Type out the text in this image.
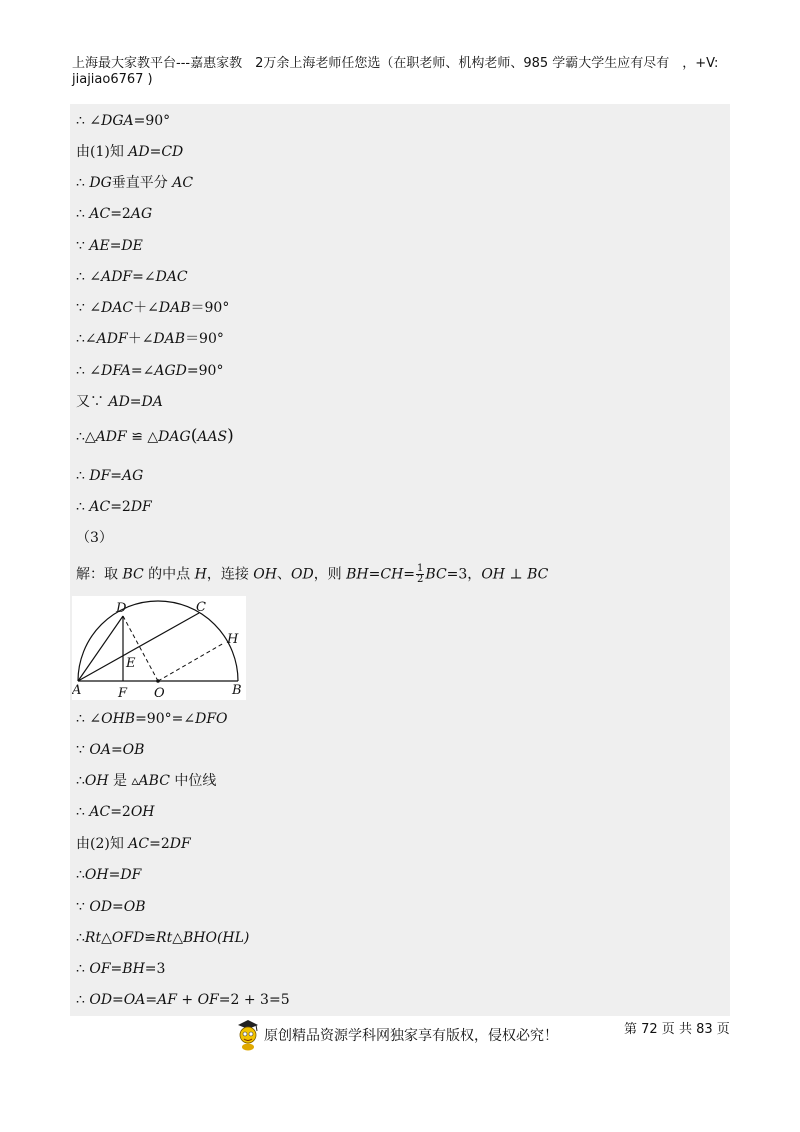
上海最大家教平台---嘉惠家教　2万余上海老师任您选（在职老师、机构老师、985 学霸大学生应有尽有　，+V:
jiajiao6767 )
∴ ∠DGA=90°
由(1)知 AD=CD
∴ DG垂直平分 AC
∴ AC=2AG
∵ AE=DE
∴ ∠ADF=∠DAC
∵ ∠DAC＋∠DAB＝90°
∴∠ADF＋∠DAB＝90°
∴ ∠DFA=∠AGD=90°
又∵ AD=DA
∴△ADF ≌ △DAG(AAS)
∴ DF=AG
∴ AC=2DF
（3）
解：取 BC 的中点 H，连接 OH、OD，则 $BH=CH= \frac{1}{2} BC=3$，OH ⊥ BC
D	C
H
E
A	F O	B
∴ ∠OHB=90°=∠DFO
∵ OA=OB
∴OH 是 ▵ABC 中位线
∴ AC=2OH
由(2)知 AC=2DF
∴OH=DF
∵ OD=OB
∴Rt△OFD≌Rt△BHO(HL)
∴ OF=BH=3
∴ OD=OA=AF + OF=2 + 3=5
原创精品资源学科网独家享有版权，侵权必究！	第 72 页 共 83 页
